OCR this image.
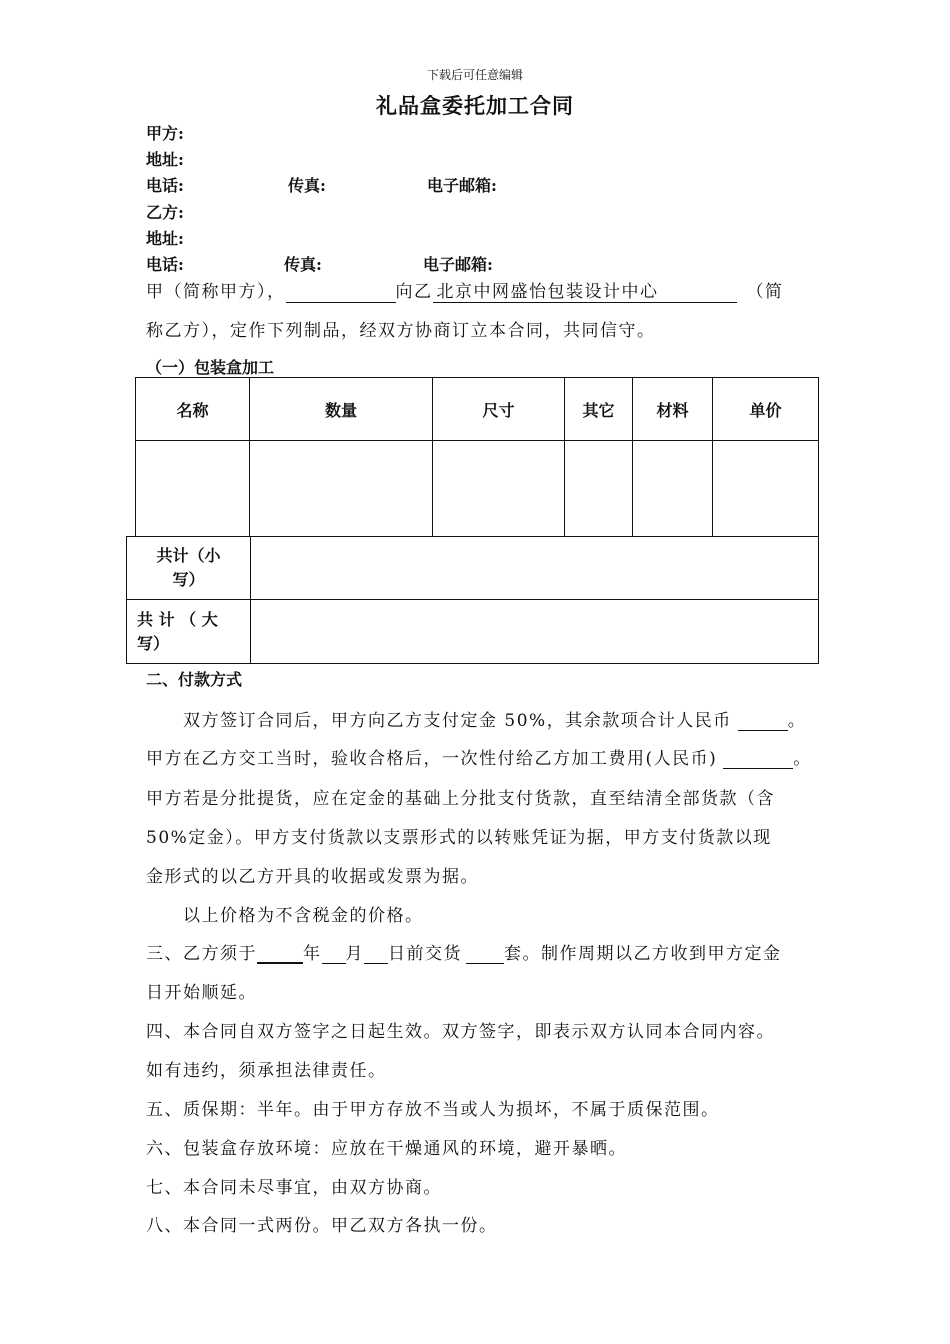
下载后可任意编辑
礼品盒委托加工合同
甲方:
地址:
电话:	传真:	电子邮箱:
乙方:
地址:
电话:	传真:	电子邮箱:
甲（简称甲方），	向乙 北京中网盛怡包装设计中心	（简
称乙方），定作下列制品，经双方协商订立本合同，共同信守。
（一）包装盒加工
名称	数量	尺寸	其它	材料	单价

共计（小
写）	

共 计 （ 大
写）	

二、付款方式
双方签订合同后，甲方向乙方支付定金 50%，其余款项合计人民币	。
甲方在乙方交工当时，验收合格后，一次性付给乙方加工费用(人民币)	。
甲方若是分批提货，应在定金的基础上分批支付货款，直至结清全部货款（含
50%定金）。甲方支付货款以支票形式的以转账凭证为据，甲方支付货款以现
金形式的以乙方开具的收据或发票为据。
以上价格为不含税金的价格。
三、乙方须于	年 月 日前交货 套。制作周期以乙方收到甲方定金
日开始顺延。
四、本合同自双方签字之日起生效。双方签字，即表示双方认同本合同内容。
如有违约，须承担法律责任。
五、质保期：半年。由于甲方存放不当或人为损坏，不属于质保范围。
六、包装盒存放环境：应放在干燥通风的环境，避开暴晒。
七、本合同未尽事宜，由双方协商。
八、本合同一式两份。甲乙双方各执一份。
